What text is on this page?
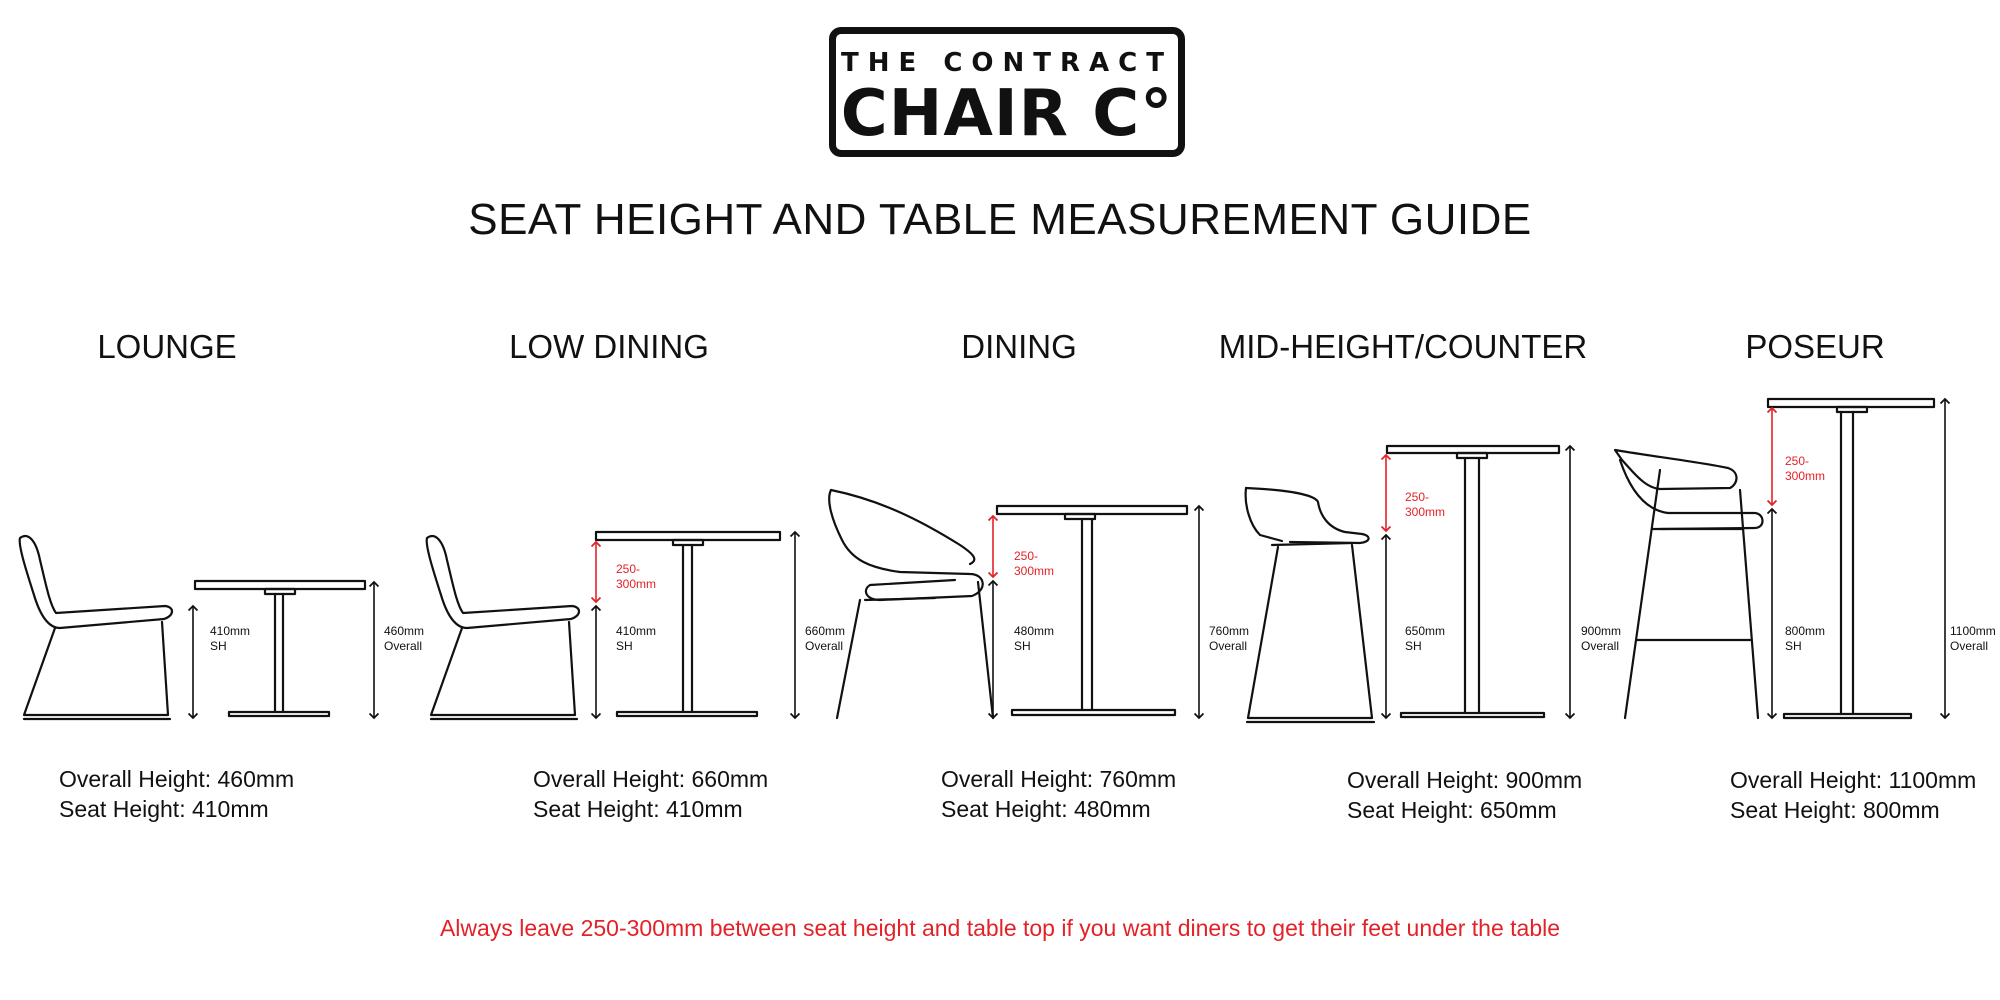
THE CONTRACT
CHAIR C°
SEAT HEIGHT AND TABLE MEASUREMENT GUIDE
LOUNGE	LOW DINING	DINING	MID-HEIGHT/COUNTER	POSEUR
410mm
SH
460mm
Overall
250-
300mm
410mm
SH
660mm
Overall
250-
300mm
480mm
SH
760mm
Overall
250-
300mm
650mm
SH
900mm
Overall
250-
300mm
800mm
SH
1100mm
Overall
Overall Height: 460mm
Seat Height: 410mm
Overall Height: 660mm
Seat Height: 410mm
Overall Height: 760mm
Seat Height: 480mm
Overall Height: 900mm
Seat Height: 650mm
Overall Height: 1100mm
Seat Height: 800mm
Always leave 250-300mm between seat height and table top if you want diners to get their feet under the table
